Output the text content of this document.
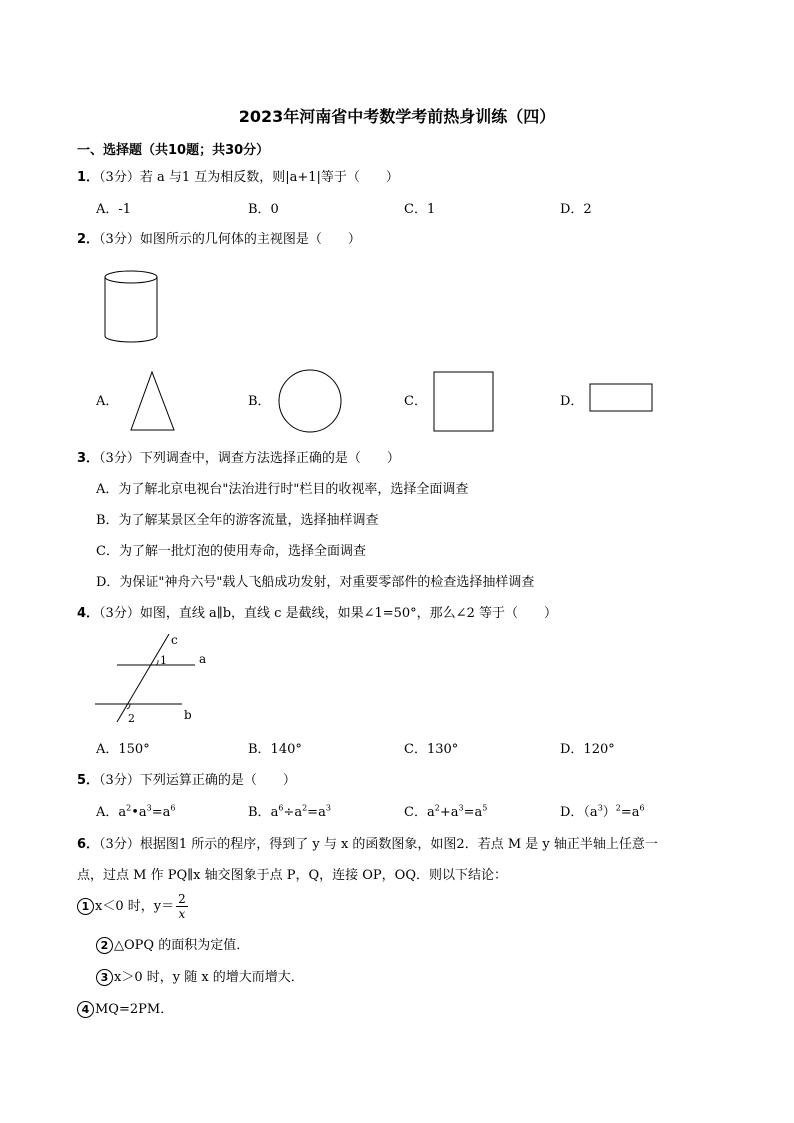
2023年河南省中考数学考前热身训练（四）
一、选择题（共10题；共30分）
1．（3分）若 a 与1 互为相反数，则|a+1|等于（　　）
A．-1	B．0	C．1	D．2
2．（3分）如图所示的几何体的主视图是（　　）
A．	B．	C．	D．
3．（3分）下列调查中，调查方法选择正确的是（　　）
A．为了解北京电视台"法治进行时"栏目的收视率，选择全面调查
B．为了解某景区全年的游客流量，选择抽样调查
C．为了解一批灯泡的使用寿命，选择全面调查
D．为保证"神舟六号"载人飞船成功发射，对重要零部件的检查选择抽样调查
4．（3分）如图，直线 a∥b，直线 c 是截线，如果∠1=50°，那么∠2 等于（　　）
c
a
b
1
2
A．150°	B．140°	C．130°	D．120°
5．（3分）下列运算正确的是（　　）
A．$a^2•a^3=a^6$	B．$a^6\div a^2=a^3$	C．$a^2+a^3=a^5$	D．$(a^3)^2=a^6$
6．（3分）根据图1 所示的程序，得到了 y 与 x 的函数图象，如图2．若点 M 是 y 轴正半轴上任意一
点，过点 M 作 PQ∥x 轴交图象于点 P，Q，连接 OP，OQ．则以下结论：
1 x＜0 时，$y= \frac{2}{x}$
2 △OPQ 的面积为定值．
3 x＞0 时，y 随 x 的增大而增大．
4 MQ=2PM．
